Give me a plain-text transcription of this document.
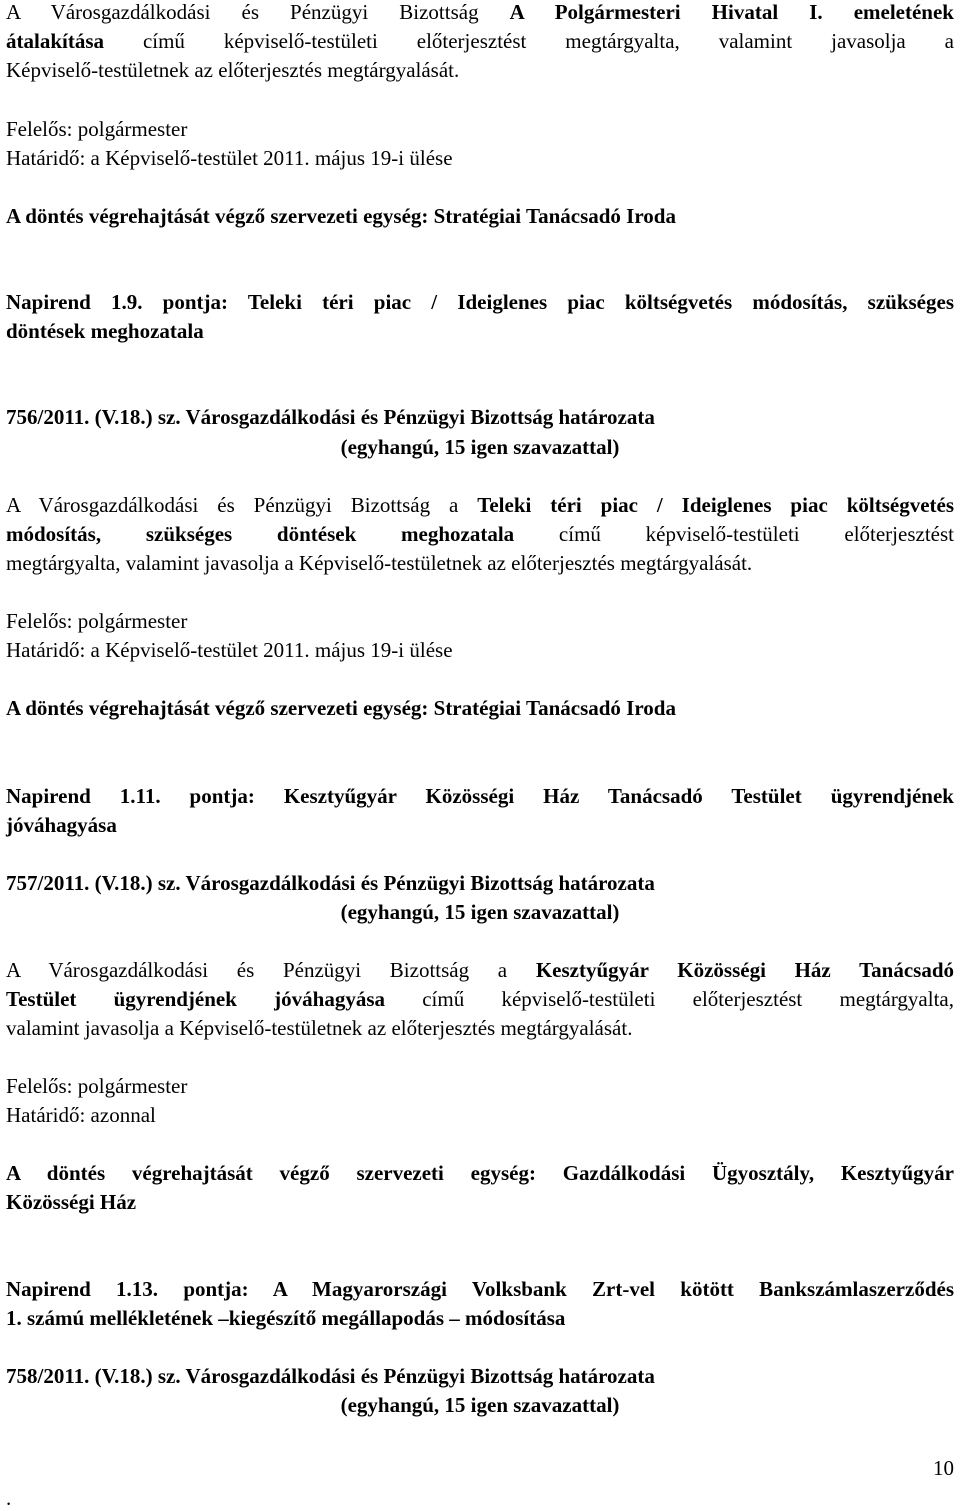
A Városgazdálkodási és Pénzügyi Bizottság A Polgármesteri Hivatal I. emeletének
átalakítása című képviselő-testületi előterjesztést megtárgyalta, valamint javasolja a
Képviselő-testületnek az előterjesztés megtárgyalását.
Felelős: polgármester
Határidő: a Képviselő-testület 2011. május 19-i ülése
A döntés végrehajtását végző szervezeti egység: Stratégiai Tanácsadó Iroda
Napirend 1.9. pontja: Teleki téri piac / Ideiglenes piac költségvetés módosítás, szükséges
döntések meghozatala
756/2011. (V.18.) sz. Városgazdálkodási és Pénzügyi Bizottság határozata
(egyhangú, 15 igen szavazattal)
A Városgazdálkodási és Pénzügyi Bizottság a Teleki téri piac / Ideiglenes piac költségvetés
módosítás, szükséges döntések meghozatala című képviselő-testületi előterjesztést
megtárgyalta, valamint javasolja a Képviselő-testületnek az előterjesztés megtárgyalását.
Felelős: polgármester
Határidő: a Képviselő-testület 2011. május 19-i ülése
A döntés végrehajtását végző szervezeti egység: Stratégiai Tanácsadó Iroda
Napirend 1.11. pontja: Kesztyűgyár Közösségi Ház Tanácsadó Testület ügyrendjének
jóváhagyása
757/2011. (V.18.) sz. Városgazdálkodási és Pénzügyi Bizottság határozata
(egyhangú, 15 igen szavazattal)
A Városgazdálkodási és Pénzügyi Bizottság a Kesztyűgyár Közösségi Ház Tanácsadó
Testület ügyrendjének jóváhagyása című képviselő-testületi előterjesztést megtárgyalta,
valamint javasolja a Képviselő-testületnek az előterjesztés megtárgyalását.
Felelős: polgármester
Határidő: azonnal
A döntés végrehajtását végző szervezeti egység: Gazdálkodási Ügyosztály, Kesztyűgyár
Közösségi Ház
Napirend 1.13. pontja: A Magyarországi Volksbank Zrt-vel kötött Bankszámlaszerződés
1. számú mellékletének –kiegészítő megállapodás – módosítása
758/2011. (V.18.) sz. Városgazdálkodási és Pénzügyi Bizottság határozata
(egyhangú, 15 igen szavazattal)
10
.
